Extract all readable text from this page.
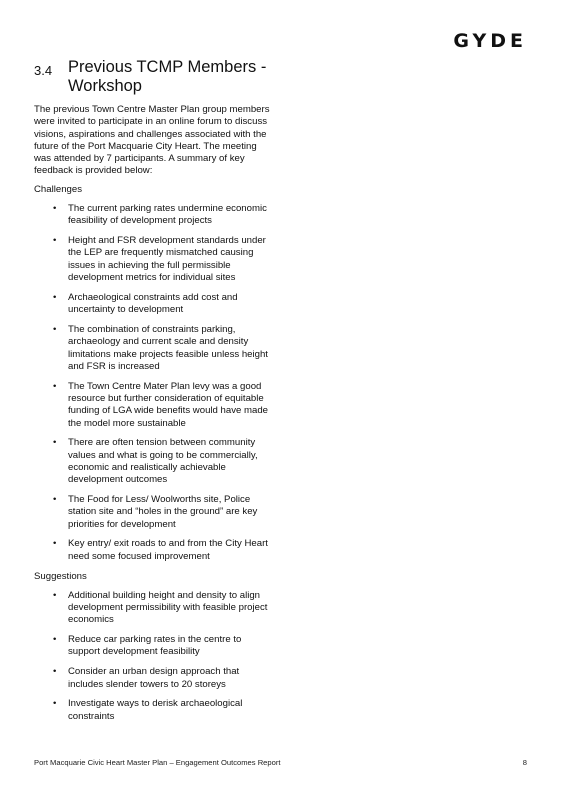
GYDE
3.4 Previous TCMP Members - Workshop

The previous Town Centre Master Plan group members were invited to participate in an online forum to discuss visions, aspirations and challenges associated with the future of the Port Macquarie City Heart. The meeting was attended by 7 participants. A summary of key feedback is provided below:

Challenges

• The current parking rates undermine economic feasibility of development projects
• Height and FSR development standards under the LEP are frequently mismatched causing issues in achieving the full permissible development metrics for individual sites
• Archaeological constraints add cost and uncertainty to development
• The combination of constraints parking, archaeology and current scale and density limitations make projects feasible unless height and FSR is increased
• The Town Centre Mater Plan levy was a good resource but further consideration of equitable funding of LGA wide benefits would have made the model more sustainable
• There are often tension between community values and what is going to be commercially, economic and realistically achievable development outcomes
• The Food for Less/ Woolworths site, Police station site and “holes in the ground” are key priorities for development
• Key entry/ exit roads to and from the City Heart need some focused improvement

Suggestions

• Additional building height and density to align development permissibility with feasible project economics
• Reduce car parking rates in the centre to support development feasibility
• Consider an urban design approach that includes slender towers to 20 storeys
• Investigate ways to derisk archaeological constraints
Port Macquarie Civic Heart Master Plan – Engagement Outcomes Report	8
